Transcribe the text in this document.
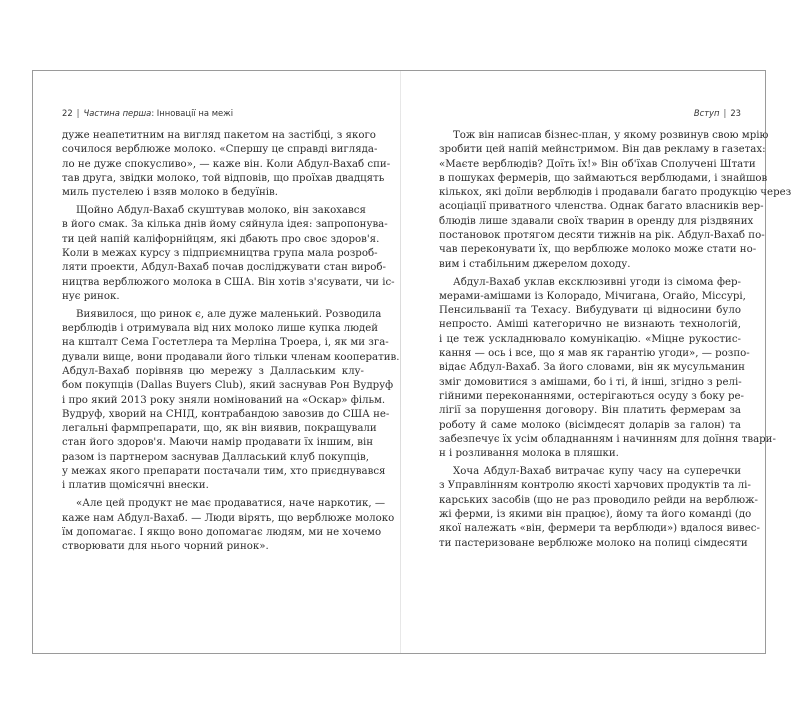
22 | Частина перша: Інновації на межі
дуже неапетитним на вигляд пакетом на застібці, з якого
сочилося верблюже молоко. «Спершу це справді виглядa-
ло не дуже спокусливо», — каже він. Коли Абдул-Вахаб спи-
тав друга, звідки молоко, той відповів, що проїхав двадцять
миль пустелею і взяв молоко в бедуїнів.
Щойно Абдул-Вахаб скуштував молоко, він закохався
в його смак. За кілька днів йому сяйнула ідея: запропонува-
ти цей напій каліфорнійцям, які дбають про своє здоров'я.
Коли в межах курсу з підприємництва група мала розроб-
ляти проекти, Абдул-Вахаб почав досліджувати стан вироб-
ництва верблюжого молока в США. Він хотів з'ясувати, чи іс-
нує ринок.
Виявилося, що ринок є, але дуже маленький. Розводила
верблюдів і отримувала від них молоко лише купка людей
на кшталт Сема Гостетлера та Мерліна Троера, і, як ми зга-
дували вище, вони продавали його тільки членам кооператив.
Абдул-Вахаб порівняв цю мережу з Даллаським клу-
бом покупців (Dallas Buyers Club), який заснував Рон Вудруф
і про який 2013 року зняли номінований на «Оскар» фільм.
Вудруф, хворий на СНІД, контрабандою завозив до США не-
легальні фармпрепарати, що, як він виявив, покращували
стан його здоров'я. Маючи намір продавати їх іншим, він
разом із партнером заснував Далласький клуб покупців,
у межах якого препарати постачали тим, хто приєднувався
і платив щомісячні внески.
«Але цей продукт не має продаватися, наче наркотик, —
каже нам Абдул-Вахаб. — Люди вірять, що верблюже молоко
їм допомагає. І якщо воно допомагає людям, ми не хочемо
створювати для нього чорний ринок».
Вступ | 23
Тож він написав бізнес-план, у якому розвинув свою мрію
зробити цей напій мейнстримом. Він дав рекламу в газетах:
«Маєте верблюдів? Доїть їх!» Він об'їхав Сполучені Штати
в пошуках фермерів, що займаються верблюдами, і знайшов
кількох, які доїли верблюдів і продавали багато продукцію через
асоціації приватного членства. Однак багато власників вер-
блюдів лише здавали своїх тварин в оренду для різдвяних
постановок протягом десяти тижнів на рік. Абдул-Вахаб по-
чав переконувати їх, що верблюже молоко може стати но-
вим і стабільним джерелом доходу.
Абдул-Вахаб уклав ексклюзивні угоди із сімома фер-
мерами-амішами із Колорадо, Мічигана, Огайо, Міссурі,
Пенсильванії та Техасу. Вибудувати ці відносини було
непросто. Аміші категорично не визнають технологій,
і це теж ускладнювало комунікацію. «Міцне рукостис-
кання — ось і все, що я мав як гарантію угоди», — розпо-
відає Абдул-Вахаб. За його словами, він як мусульманин
зміг домовитися з амішами, бо і ті, й інші, згідно з релі-
гійними переконаннями, остерігаються осуду з боку ре-
лігії за порушення договору. Він платить фермерам за
роботу й саме молоко (вісімдесят доларів за галон) та
забезпечує їх усім обладнанням і начинням для доїння твари-
н і розливання молока в пляшки.
Хоча Абдул-Вахаб витрачає купу часу на суперечки
з Управлінням контролю якості харчових продуктів та лі-
карських засобів (що не раз проводило рейди на верблюж-
жі ферми, із якими він працює), йому та його команді (до
якої належать «він, фермери та верблюди») вдалося вивес-
ти пастеризоване верблюже молоко на полиці сімдесяти
